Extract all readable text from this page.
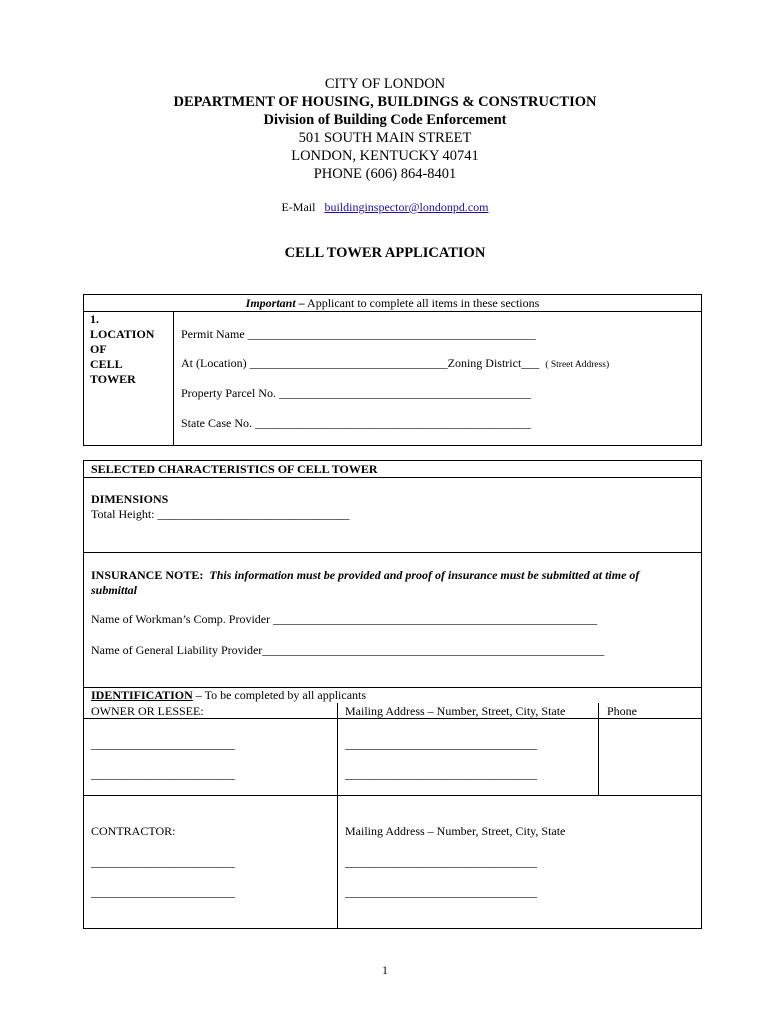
CITY OF LONDON
DEPARTMENT OF HOUSING, BUILDINGS & CONSTRUCTION
Division of Building Code Enforcement
501 SOUTH MAIN STREET
LONDON, KENTUCKY 40741
PHONE (606) 864-8401
E-Mail buildinginspector@londonpd.com
CELL TOWER APPLICATION
Important – Applicant to complete all items in these sections
1.
LOCATION
OF
CELL
TOWER
Permit Name ________________________________________________
At (Location) _________________________________Zoning District___ ( Street Address)
Property Parcel No. __________________________________________
State Case No. ______________________________________________
SELECTED CHARACTERISTICS OF CELL TOWER
DIMENSIONS
Total Height: ________________________________
INSURANCE NOTE: This information must be provided and proof of insurance must be submitted at time of
submittal
Name of Workman’s Comp. Provider ______________________________________________________
Name of General Liability Provider_________________________________________________________
IDENTIFICATION – To be completed by all applicants
OWNER OR LESSEE:	Mailing Address – Number, Street, City, State	Phone
________________________	________________________________
________________________	________________________________
CONTRACTOR:	Mailing Address – Number, Street, City, State
________________________	________________________________
________________________	________________________________
1
